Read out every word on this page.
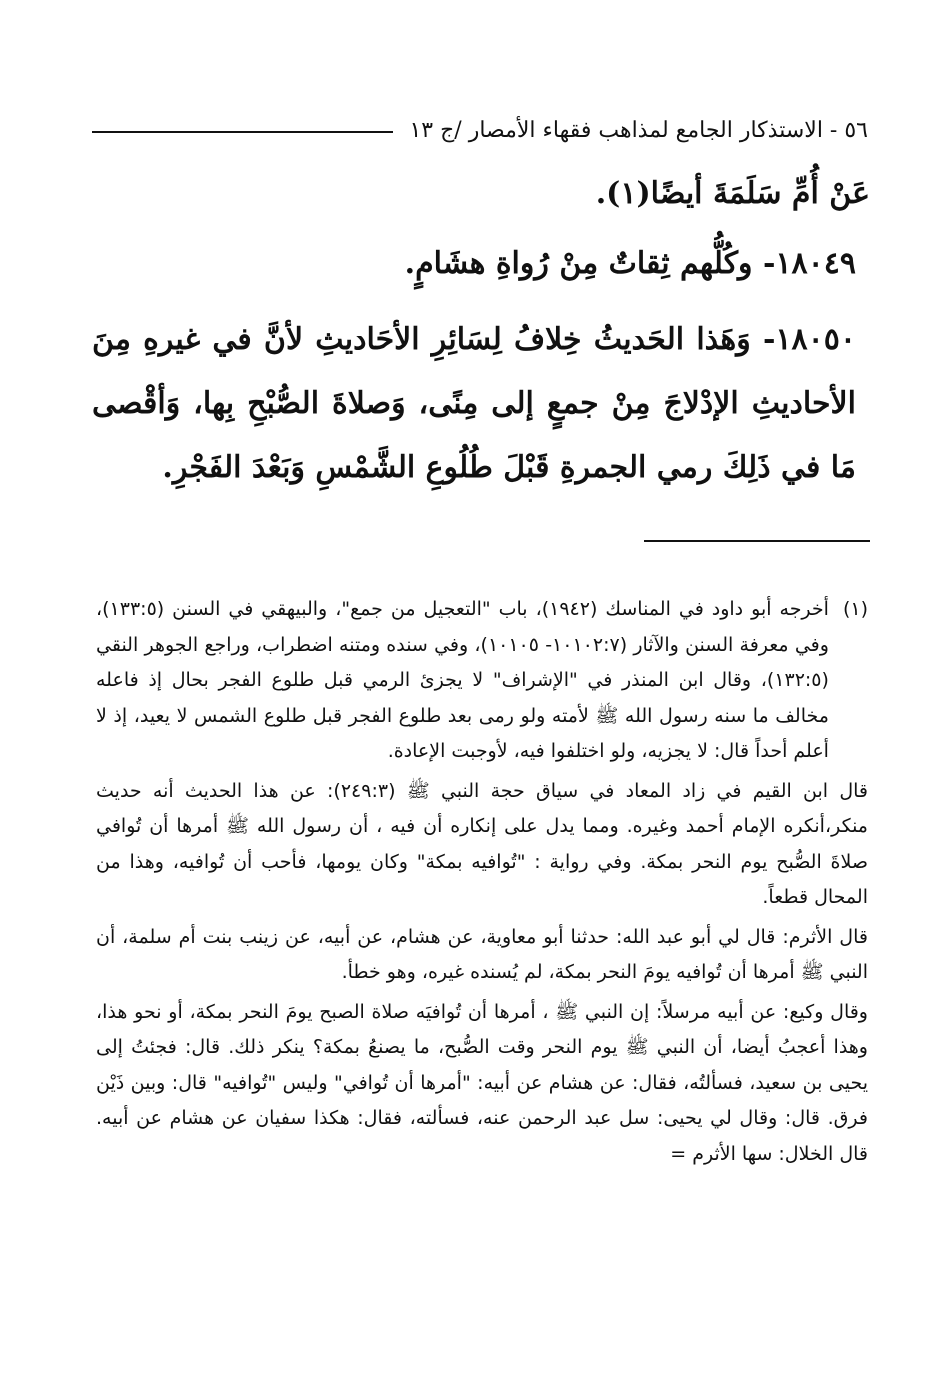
٥٦ - الاستذكار الجامع لمذاهب فقهاء الأمصار /ج ١٣

عَنْ أُمِّ سَلَمَةَ أيضًا(١).

١٨٠٤٩- وكُلُّهم ثِقاتٌ مِنْ رُواةِ هشَامٍ.

١٨٠٥٠- وَهَذا الحَديثُ خِلافُ لِسَائِرِ الأحَاديثِ لأنَّ في غيرهِ مِنَ الأحاديثِ الإدْلاجَ مِنْ جمعٍ إلى مِنًى، وَصلاةَ الصُّبْحِ بِها، وَأقْصى مَا في ذَلِكَ رمي الجمرةِ قَبْلَ طُلُوعِ الشَّمْسِ وَبَعْدَ الفَجْرِ.

(١)

أخرجه أبو داود في المناسك (١٩٤٢)، باب "التعجيل من جمع"، والبيهقي في السنن (١٣٣:٥)، وفي معرفة السنن والآثار (١٠١٠٢:٧- ١٠١٠٥)، وفي سنده ومتنه اضطراب، وراجع الجوهر النقي (١٣٢:٥)، وقال ابن المنذر في "الإشراف" لا يجزئ الرمي قبل طلوع الفجر بحال إذ فاعله مخالف ما سنه رسول الله ﷺ لأمته ولو رمى بعد طلوع الفجر قبل طلوع الشمس لا يعيد، إذ لا أعلم أحداً قال: لا يجزيه، ولو اختلفوا فيه، لأوجبت الإعادة.

قال ابن القيم في زاد المعاد في سياق حجة النبي ﷺ (٢٤٩:٣): عن هذا الحديث أنه حديث منكر،أنكره الإمام أحمد وغيره. ومما يدل على إنكاره أن فيه ، أن رسول الله ﷺ أمرها أن تُوافي صلاةَ الصُّبح يوم النحر بمكة. وفي رواية : "تُوافيه بمكة" وكان يومها، فأحب أن تُوافيه، وهذا من المحال قطعاً.

قال الأثرم: قال لي أبو عبد الله: حدثنا أبو معاوية، عن هشام، عن أبيه، عن زينب بنت أم سلمة، أن النبي ﷺ أمرها أن تُوافيه يومَ النحر بمكة، لم يُسنده غيره، وهو خطأ.

وقال وكيع: عن أبيه مرسلاً: إن النبي ﷺ ، أمرها أن تُوافيَه صلاة الصبح يومَ النحر بمكة، أو نحو هذا، وهذا أعجبُ أيضا، أن النبي ﷺ يوم النحر وقت الصُّبح، ما يصنعُ بمكة؟ ينكر ذلك. قال: فجئتُ إلى يحيى بن سعيد، فسألتُه، فقال: عن هشام عن أبيه: "أمرها أن تُوافي" وليس "تُوافيه" قال: وبين ذَيْن فرق. قال: وقال لي يحيى: سل عبد الرحمن عنه، فسألته، فقال: هكذا سفيان عن هشام عن أبيه. قال الخلال: سها الأثرم =
